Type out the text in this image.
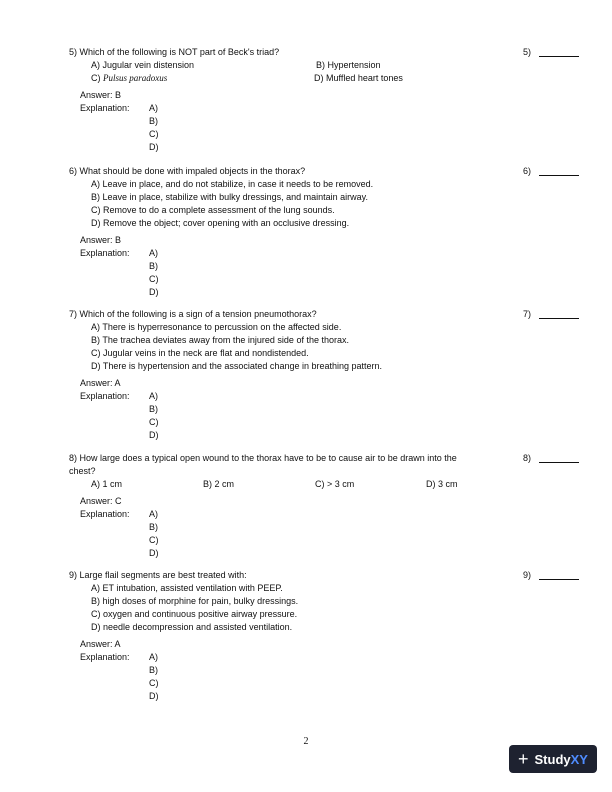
5)
5) Which of the following is NOT part of Beck's triad?
A) Jugular vein distension	B) Hypertension
C) Pulsus paradoxus	D) Muffled heart tones
Answer: B
Explanation: A)
B)
C)
D)
6)
6) What should be done with impaled objects in the thorax?
A) Leave in place, and do not stabilize, in case it needs to be removed.
B) Leave in place, stabilize with bulky dressings, and maintain airway.
C) Remove to do a complete assessment of the lung sounds.
D) Remove the object; cover opening with an occlusive dressing.
Answer: B
Explanation: A)
B)
C)
D)
7)
7) Which of the following is a sign of a tension pneumothorax?
A) There is hyperresonance to percussion on the affected side.
B) The trachea deviates away from the injured side of the thorax.
C) Jugular veins in the neck are flat and nondistended.
D) There is hypertension and the associated change in breathing pattern.
Answer: A
Explanation: A)
B)
C)
D)
8)
8) How large does a typical open wound to the thorax have to be to cause air to be drawn into the
chest?
A) 1 cm	B) 2 cm	C) > 3 cm	D) 3 cm
Answer: C
Explanation: A)
B)
C)
D)
9)
9) Large flail segments are best treated with:
A) ET intubation, assisted ventilation with PEEP.
B) high doses of morphine for pain, bulky dressings.
C) oxygen and continuous positive airway pressure.
D) needle decompression and assisted ventilation.
Answer: A
Explanation: A)
B)
C)
D)
2
+ StudyXY
